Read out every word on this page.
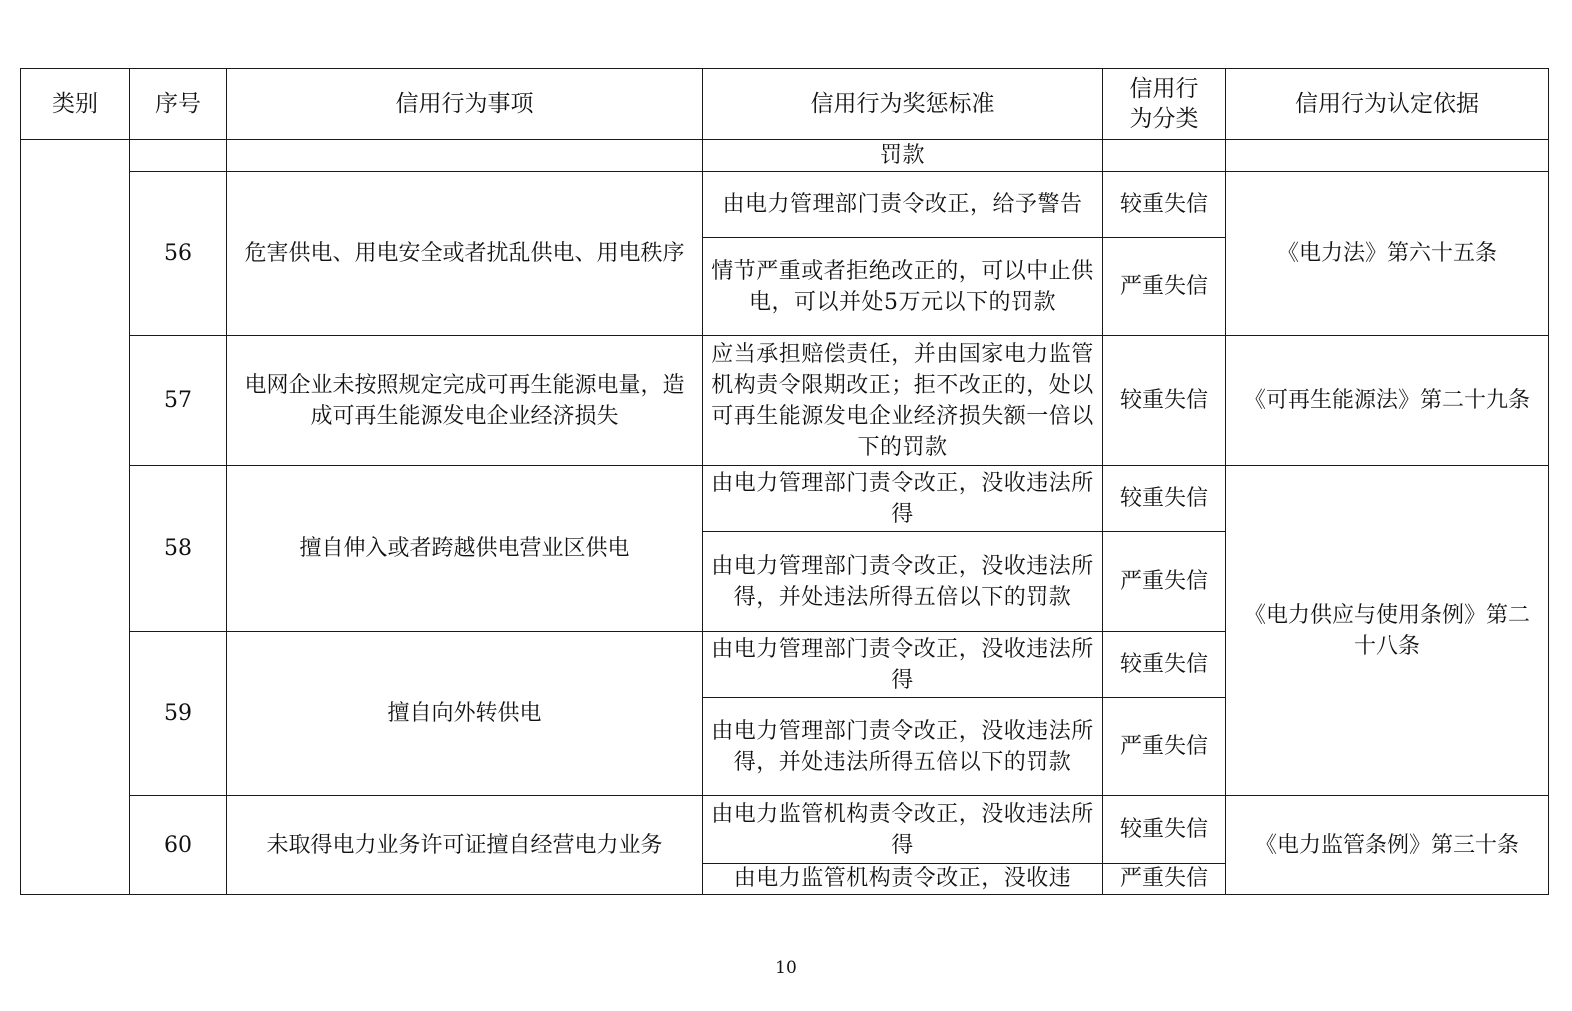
类别	序号	信用行为事项	信用行为奖惩标准	信用行为分类	信用行为认定依据
			罚款		
	56	危害供电、用电安全或者扰乱供电、用电秩序	由电力管理部门责令改正，给予警告	较重失信	《电力法》第六十五条
			情节严重或者拒绝改正的，可以中止供电，可以并处5万元以下的罚款	严重失信	
	57	电网企业未按照规定完成可再生能源电量，造成可再生能源发电企业经济损失	应当承担赔偿责任，并由国家电力监管机构责令限期改正；拒不改正的，处以可再生能源发电企业经济损失额一倍以下的罚款	较重失信	《可再生能源法》第二十九条
	58	擅自伸入或者跨越供电营业区供电	由电力管理部门责令改正，没收违法所得	较重失信	《电力供应与使用条例》第二十八条
			由电力管理部门责令改正，没收违法所得，并处违法所得五倍以下的罚款	严重失信	
	59	擅自向外转供电	由电力管理部门责令改正，没收违法所得	较重失信	
			由电力管理部门责令改正，没收违法所得，并处违法所得五倍以下的罚款	严重失信	
	60	未取得电力业务许可证擅自经营电力业务	由电力监管机构责令改正，没收违法所得	较重失信	《电力监管条例》第三十条
			由电力监管机构责令改正，没收违	严重失信	
10
